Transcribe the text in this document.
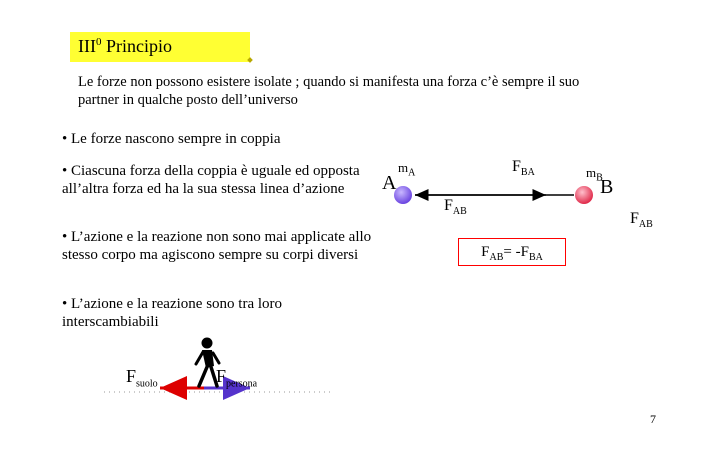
III$^0$ Principio
Le forze non possono esistere isolate ; quando si manifesta una forza c’è sempre il suo partner in qualche posto dell’universo
• Le forze nascono sempre in coppia
• Ciascuna forza della coppia è uguale ed opposta all’altra forza ed ha la sua stessa linea d’azione
• L’azione e la reazione non sono mai applicate allo stesso corpo ma agiscono sempre su corpi diversi
• L’azione e la reazione sono tra loro interscambiabili
A	B
$m_A$	$m_B$
$F_{BA}$
$F_{AB}$	$F_{AB}$
$F_{AB}= -F_{BA}$
$F_{suolo}$	$F_{persona}$
7
